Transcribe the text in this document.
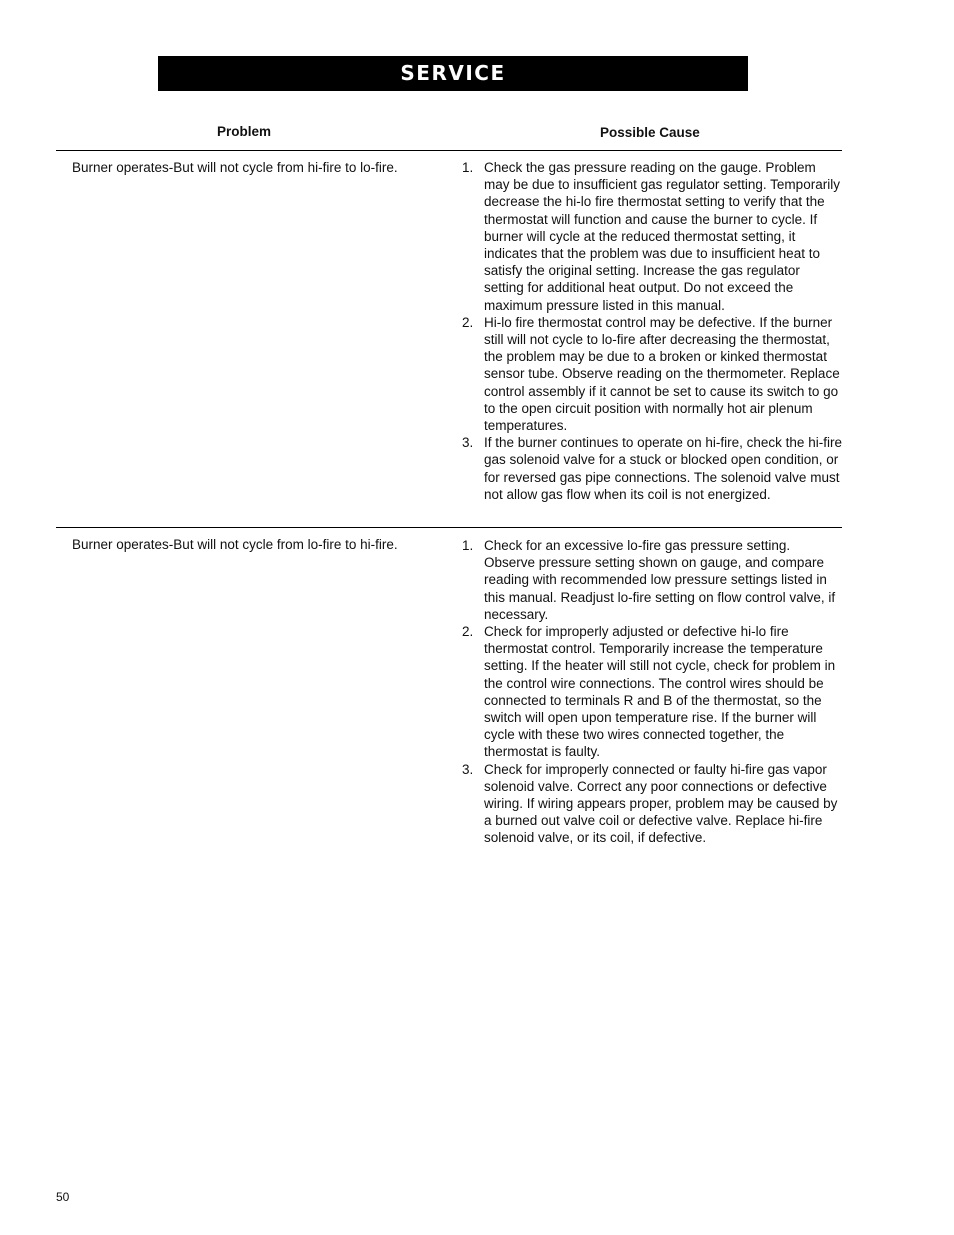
SERVICE
Problem	Possible Cause
Burner operates-But will not cycle from hi-fire to lo-fire.	1. Check the gas pressure reading on the gauge. Problem may be due to insufficient gas regulator setting. Temporarily decrease the hi-lo fire thermostat setting to verify that the thermostat will function and cause the burner to cycle. If burner will cycle at the reduced thermostat setting, it indicates that the problem was due to insufficient heat to satisfy the original setting. Increase the gas regulator setting for additional heat output. Do not exceed the maximum pressure listed in this manual.
2. Hi-lo fire thermostat control may be defective. If the burner still will not cycle to lo-fire after decreasing the thermostat, the problem may be due to a broken or kinked thermostat sensor tube. Observe reading on the thermometer. Replace control assembly if it cannot be set to cause its switch to go to the open circuit position with normally hot air plenum temperatures.
3. If the burner continues to operate on hi-fire, check the hi-fire gas solenoid valve for a stuck or blocked open condition, or for reversed gas pipe connections. The solenoid valve must not allow gas flow when its coil is not energized.
Burner operates-But will not cycle from lo-fire to hi-fire.	1. Check for an excessive lo-fire gas pressure setting. Observe pressure setting shown on gauge, and compare reading with recommended low pressure settings listed in this manual. Readjust lo-fire setting on flow control valve, if necessary.
2. Check for improperly adjusted or defective hi-lo fire thermostat control. Temporarily increase the temperature setting. If the heater will still not cycle, check for problem in the control wire connections. The control wires should be connected to terminals R and B of the thermostat, so the switch will open upon temperature rise. If the burner will cycle with these two wires connected together, the thermostat is faulty.
3. Check for improperly connected or faulty hi-fire gas vapor solenoid valve. Correct any poor connections or defective wiring. If wiring appears proper, problem may be caused by a burned out valve coil or defective valve. Replace hi-fire solenoid valve, or its coil, if defective.
50
